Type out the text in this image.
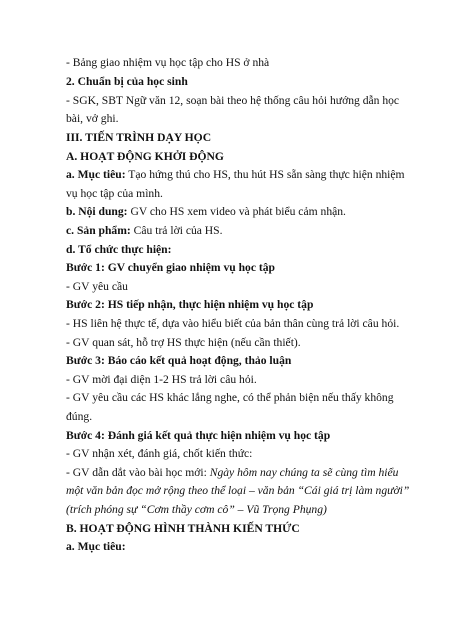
- Bảng giao nhiệm vụ học tập cho HS ở nhà
2. Chuẩn bị của học sinh
- SGK, SBT Ngữ văn 12, soạn bài theo hệ thống câu hỏi hướng dẫn học
bài, vở ghi.
III. TIẾN TRÌNH DẠY HỌC
A. HOẠT ĐỘNG KHỞI ĐỘNG
a. Mục tiêu: Tạo hứng thú cho HS, thu hút HS sẵn sàng thực hiện nhiệm
vụ học tập của mình.
b. Nội dung: GV cho HS xem video và phát biểu cảm nhận.
c. Sản phẩm: Câu trả lời của HS.
d. Tổ chức thực hiện:
Bước 1: GV chuyển giao nhiệm vụ học tập
- GV yêu cầu
Bước 2: HS tiếp nhận, thực hiện nhiệm vụ học tập
- HS liên hệ thực tế, dựa vào hiểu biết của bản thân cùng trả lời câu hỏi.
- GV quan sát, hỗ trợ HS thực hiện (nếu cần thiết).
Bước 3: Báo cáo kết quả hoạt động, thảo luận
- GV mời đại diện 1-2 HS trả lời câu hỏi.
- GV yêu cầu các HS khác lắng nghe, có thể phản biện nếu thấy không
đúng.
Bước 4: Đánh giá kết quả thực hiện nhiệm vụ học tập
- GV nhận xét, đánh giá, chốt kiến thức:
- GV dẫn dắt vào bài học mới: Ngày hôm nay chúng ta sẽ cùng tìm hiểu
một văn bản đọc mở rộng theo thể loại – văn bản “Cái giá trị làm người”
(trích phóng sự “Cơm thầy cơm cô” – Vũ Trọng Phụng)
B. HOẠT ĐỘNG HÌNH THÀNH KIẾN THỨC
a. Mục tiêu:
